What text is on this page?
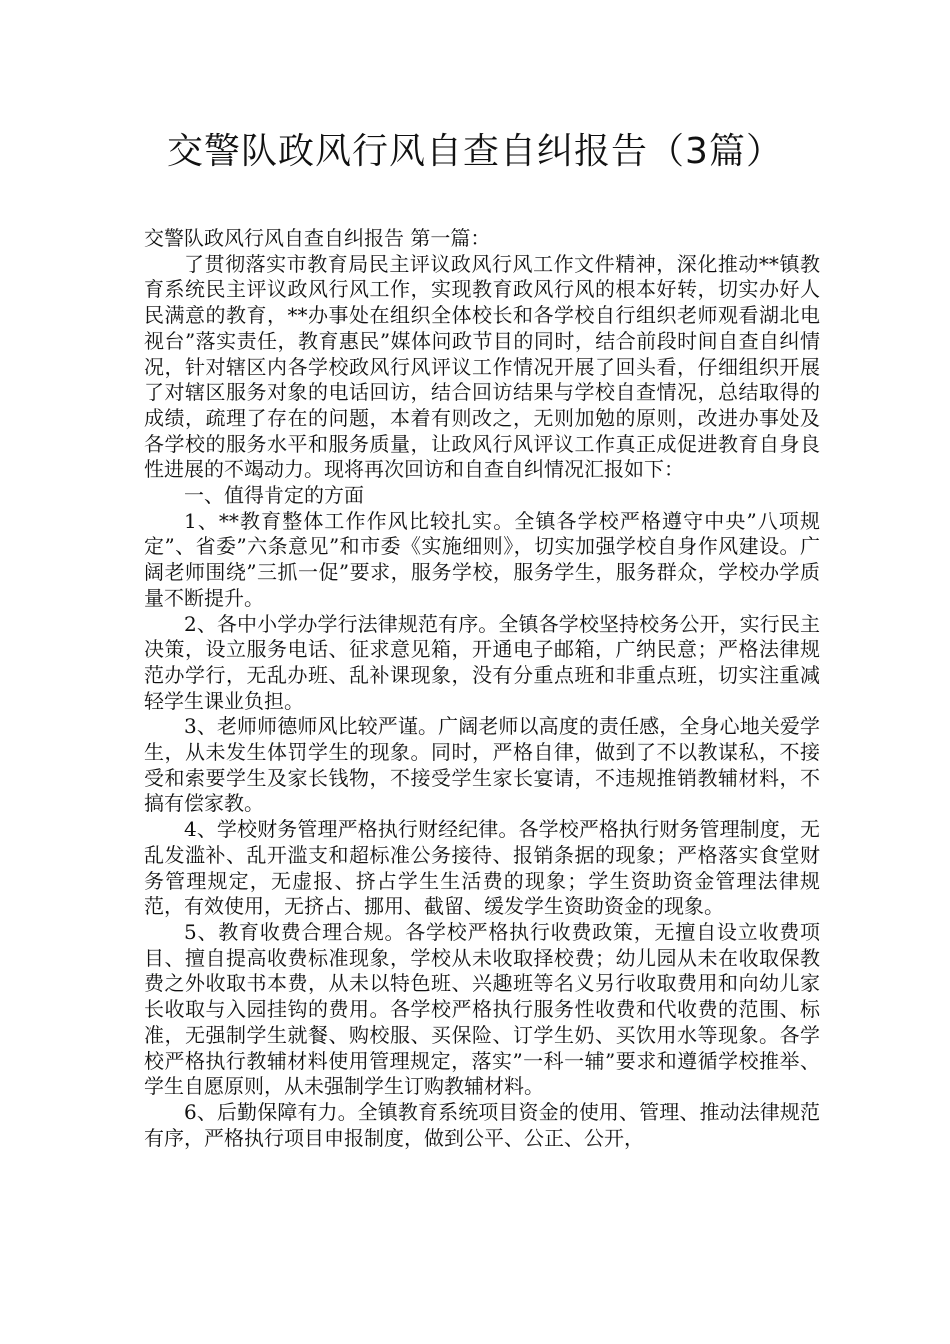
交警队政风行风自查自纠报告（3篇）

交警队政风行风自查自纠报告 第一篇：

了贯彻落实市教育局民主评议政风行风工作文件精神，深化推动**镇教育系统民主评议政风行风工作，实现教育政风行风的根本好转，切实办好人民满意的教育，**办事处在组织全体校长和各学校自行组织老师观看湖北电视台”落实责任，教育惠民”媒体问政节目的同时，结合前段时间自查自纠情况，针对辖区内各学校政风行风评议工作情况开展了回头看，仔细组织开展了对辖区服务对象的电话回访，结合回访结果与学校自查情况，总结取得的成绩，疏理了存在的问题，本着有则改之，无则加勉的原则，改进办事处及各学校的服务水平和服务质量，让政风行风评议工作真正成促进教育自身良性进展的不竭动力。现将再次回访和自查自纠情况汇报如下：

一、值得肯定的方面

1、**教育整体工作作风比较扎实。全镇各学校严格遵守中央”八项规定”、省委”六条意见”和市委《实施细则》，切实加强学校自身作风建设。广阔老师围绕”三抓一促”要求，服务学校，服务学生，服务群众，学校办学质量不断提升。

2、各中小学办学行法律规范有序。全镇各学校坚持校务公开，实行民主决策，设立服务电话、征求意见箱，开通电子邮箱，广纳民意；严格法律规范办学行，无乱办班、乱补课现象，没有分重点班和非重点班，切实注重减轻学生课业负担。

3、老师师德师风比较严谨。广阔老师以高度的责任感，全身心地关爱学生，从未发生体罚学生的现象。同时，严格自律，做到了不以教谋私，不接受和索要学生及家长钱物，不接受学生家长宴请，不违规推销教辅材料，不搞有偿家教。

4、学校财务管理严格执行财经纪律。各学校严格执行财务管理制度，无乱发滥补、乱开滥支和超标准公务接待、报销条据的现象；严格落实食堂财务管理规定，无虚报、挤占学生生活费的现象；学生资助资金管理法律规范，有效使用，无挤占、挪用、截留、缓发学生资助资金的现象。

5、教育收费合理合规。各学校严格执行收费政策，无擅自设立收费项目、擅自提高收费标准现象，学校从未收取择校费；幼儿园从未在收取保教费之外收取书本费，从未以特色班、兴趣班等名义另行收取费用和向幼儿家长收取与入园挂钩的费用。各学校严格执行服务性收费和代收费的范围、标准，无强制学生就餐、购校服、买保险、订学生奶、买饮用水等现象。各学校严格执行教辅材料使用管理规定，落实”一科一辅”要求和遵循学校推举、学生自愿原则，从未强制学生订购教辅材料。

6、后勤保障有力。全镇教育系统项目资金的使用、管理、推动法律规范有序，严格执行项目申报制度，做到公平、公正、公开，
